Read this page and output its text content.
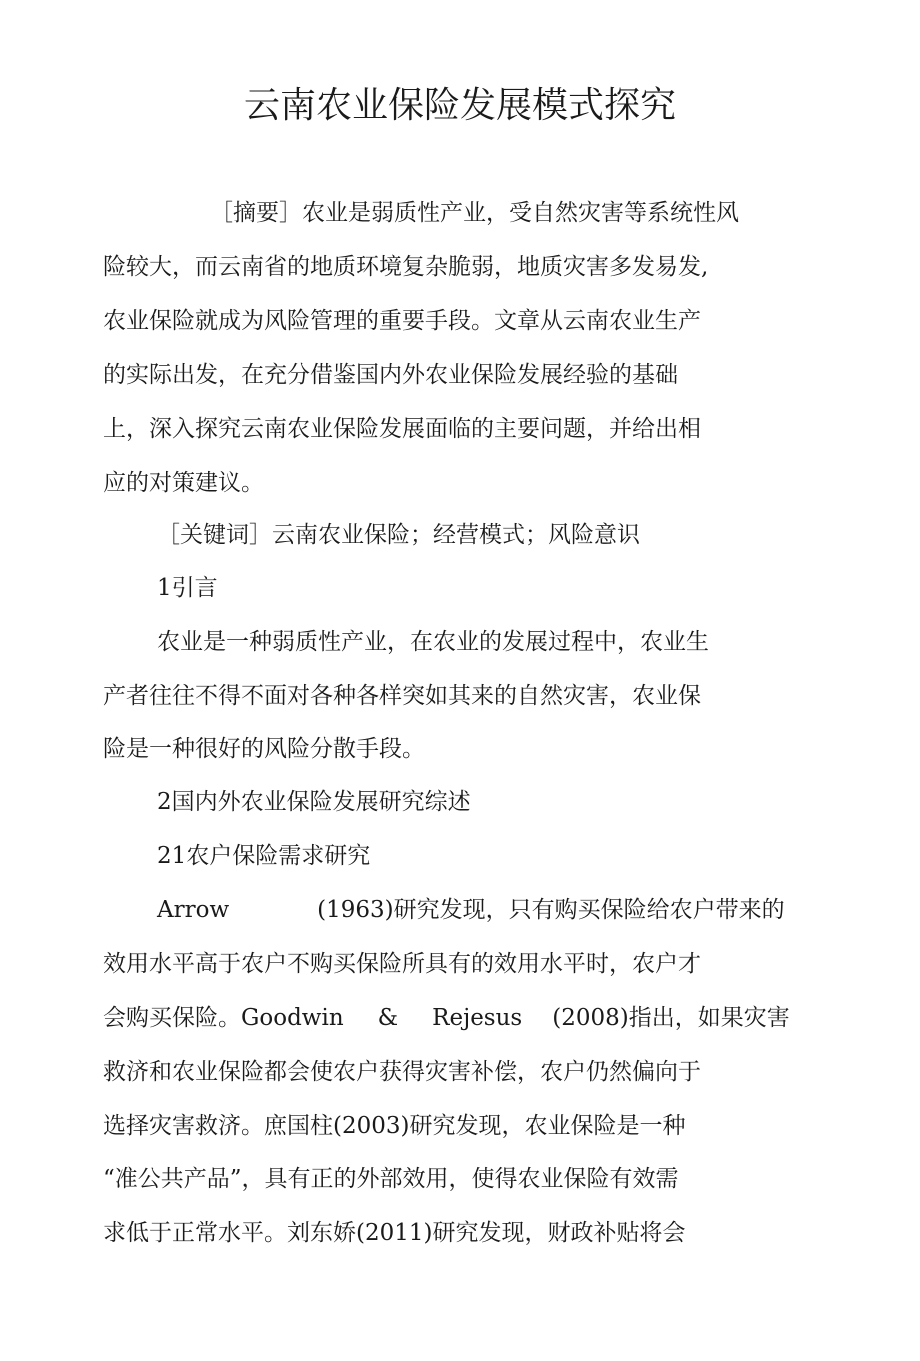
云南农业保险发展模式探究
［摘要］农业是弱质性产业，受自然灾害等系统性风
险较大，而云南省的地质环境复杂脆弱，地质灾害多发易发,
农业保险就成为风险管理的重要手段。文章从云南农业生产
的实际出发，在充分借鉴国内外农业保险发展经验的基础
上，深入探究云南农业保险发展面临的主要问题，并给出相
应的对策建议。
［关键词］云南农业保险；经营模式；风险意识
1引言
农业是一种弱质性产业，在农业的发展过程中，农业生
产者往往不得不面对各种各样突如其来的自然灾害，农业保
险是一种很好的风险分散手段。
2国内外农业保险发展研究综述
21农户保险需求研究
Arrow	(1963)研究发现，只有购买保险给农户带来的
效用水平高于农户不购买保险所具有的效用水平时，农户才
会购买保险。Goodwin & Rejesus (2008)指出，如果灾害
救济和农业保险都会使农户获得灾害补偿，农户仍然偏向于
选择灾害救济。庶国柱(2003)研究发现，农业保险是一种
“准公共产品”，具有正的外部效用，使得农业保险有效需
求低于正常水平。刘东娇(2011)研究发现，财政补贴将会
